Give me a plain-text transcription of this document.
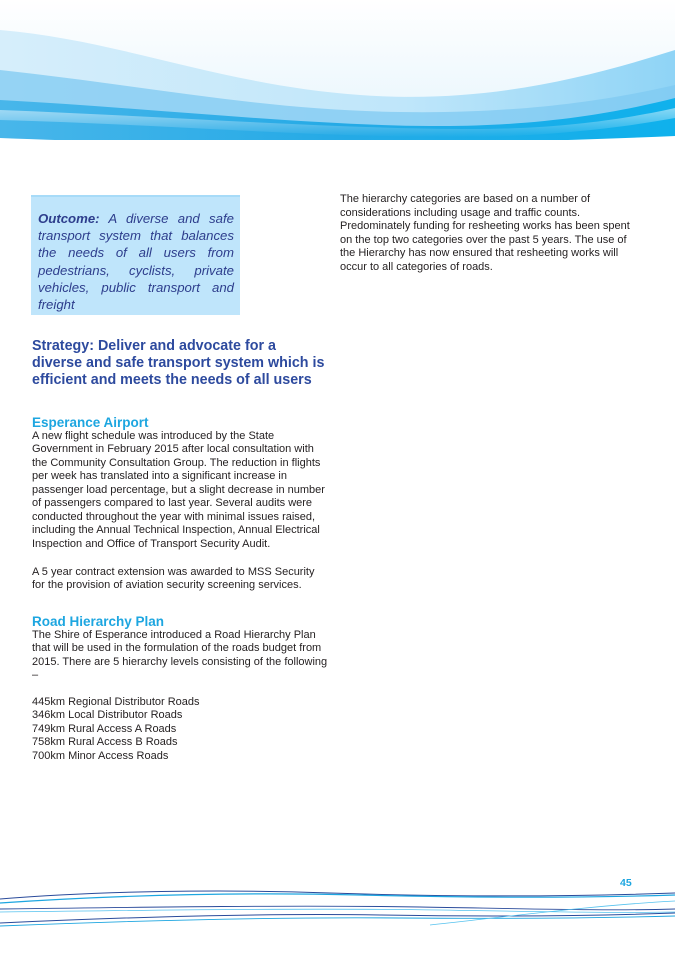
Outcome: A diverse and safe transport system that balances the needs of all users from pedestrians, cyclists, private vehicles, public transport and freight

Strategy: Deliver and advocate for a diverse and safe transport system which is efficient and meets the needs of all users
Esperance Airport

A new flight schedule was introduced by the State Government in February 2015 after local consultation with the Community Consultation Group. The reduction in flights per week has translated into a significant increase in passenger load percentage, but a slight decrease in number of passengers compared to last year. Several audits were conducted throughout the year with minimal issues raised, including the Annual Technical Inspection, Annual Electrical Inspection and Office of Transport Security Audit.

A 5 year contract extension was awarded to MSS Security for the provision of aviation security screening services.

Road Hierarchy Plan

The Shire of Esperance introduced a Road Hierarchy Plan that will be used in the formulation of the roads budget from 2015. There are 5 hierarchy levels consisting of the following –

445km Regional Distributor Roads
346km Local Distributor Roads
749km Rural Access A Roads
758km Rural Access B Roads
700km Minor Access Roads

The hierarchy categories are based on a number of considerations including usage and traffic counts. Predominately funding for resheeting works has been spent on the top two categories over the past 5 years. The use of the Hierarchy has now ensured that resheeting works will occur to all categories of roads.

45
